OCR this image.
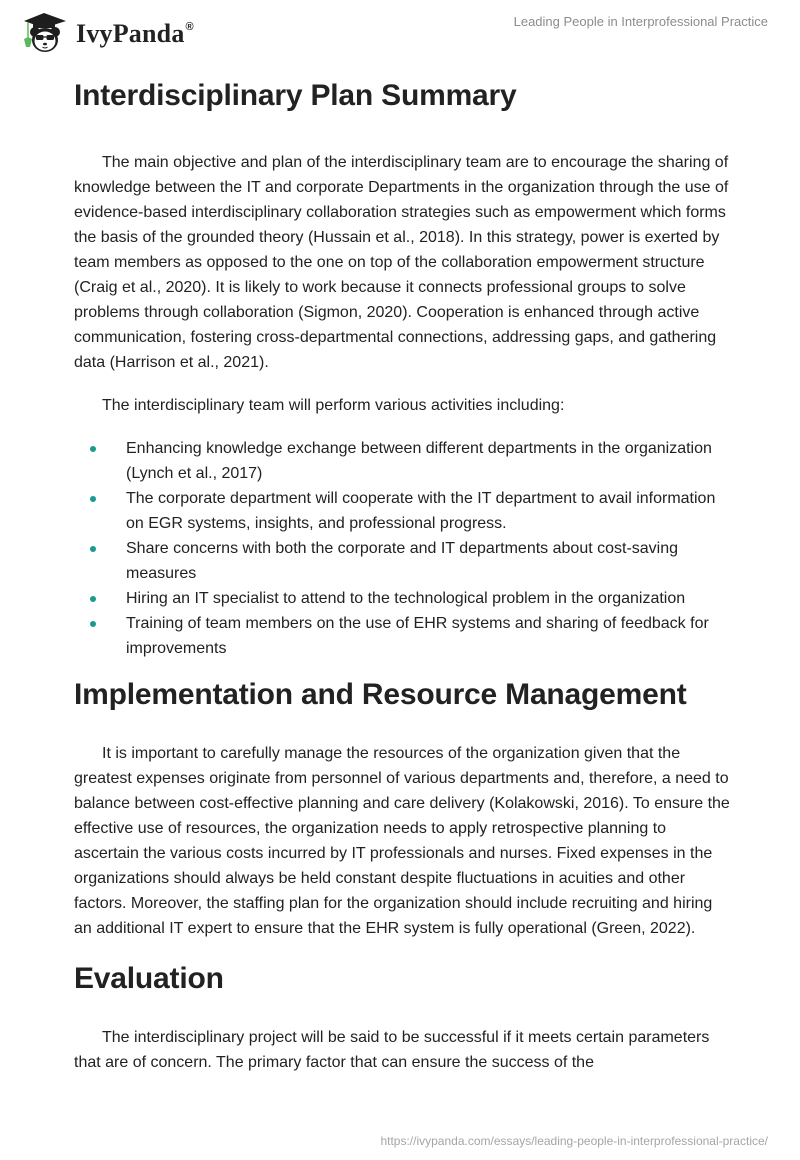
IvyPanda®	Leading People in Interprofessional Practice
Interdisciplinary Plan Summary

The main objective and plan of the interdisciplinary team are to encourage the sharing of knowledge between the IT and corporate Departments in the organization through the use of evidence-based interdisciplinary collaboration strategies such as empowerment which forms the basis of the grounded theory (Hussain et al., 2018). In this strategy, power is exerted by team members as opposed to the one on top of the collaboration empowerment structure (Craig et al., 2020). It is likely to work because it connects professional groups to solve problems through collaboration (Sigmon, 2020). Cooperation is enhanced through active communication, fostering cross-departmental connections, addressing gaps, and gathering data (Harrison et al., 2021).

The interdisciplinary team will perform various activities including:

Enhancing knowledge exchange between different departments in the organization (Lynch et al., 2017)
The corporate department will cooperate with the IT department to avail information on EGR systems, insights, and professional progress.
Share concerns with both the corporate and IT departments about cost-saving measures
Hiring an IT specialist to attend to the technological problem in the organization
Training of team members on the use of EHR systems and sharing of feedback for improvements
Implementation and Resource Management

It is important to carefully manage the resources of the organization given that the greatest expenses originate from personnel of various departments and, therefore, a need to balance between cost-effective planning and care delivery (Kolakowski, 2016). To ensure the effective use of resources, the organization needs to apply retrospective planning to ascertain the various costs incurred by IT professionals and nurses. Fixed expenses in the organizations should always be held constant despite fluctuations in acuities and other factors. Moreover, the staffing plan for the organization should include recruiting and hiring an additional IT expert to ensure that the EHR system is fully operational (Green, 2022).

Evaluation

The interdisciplinary project will be said to be successful if it meets certain parameters that are of concern. The primary factor that can ensure the success of the

https://ivypanda.com/essays/leading-people-in-interprofessional-practice/
